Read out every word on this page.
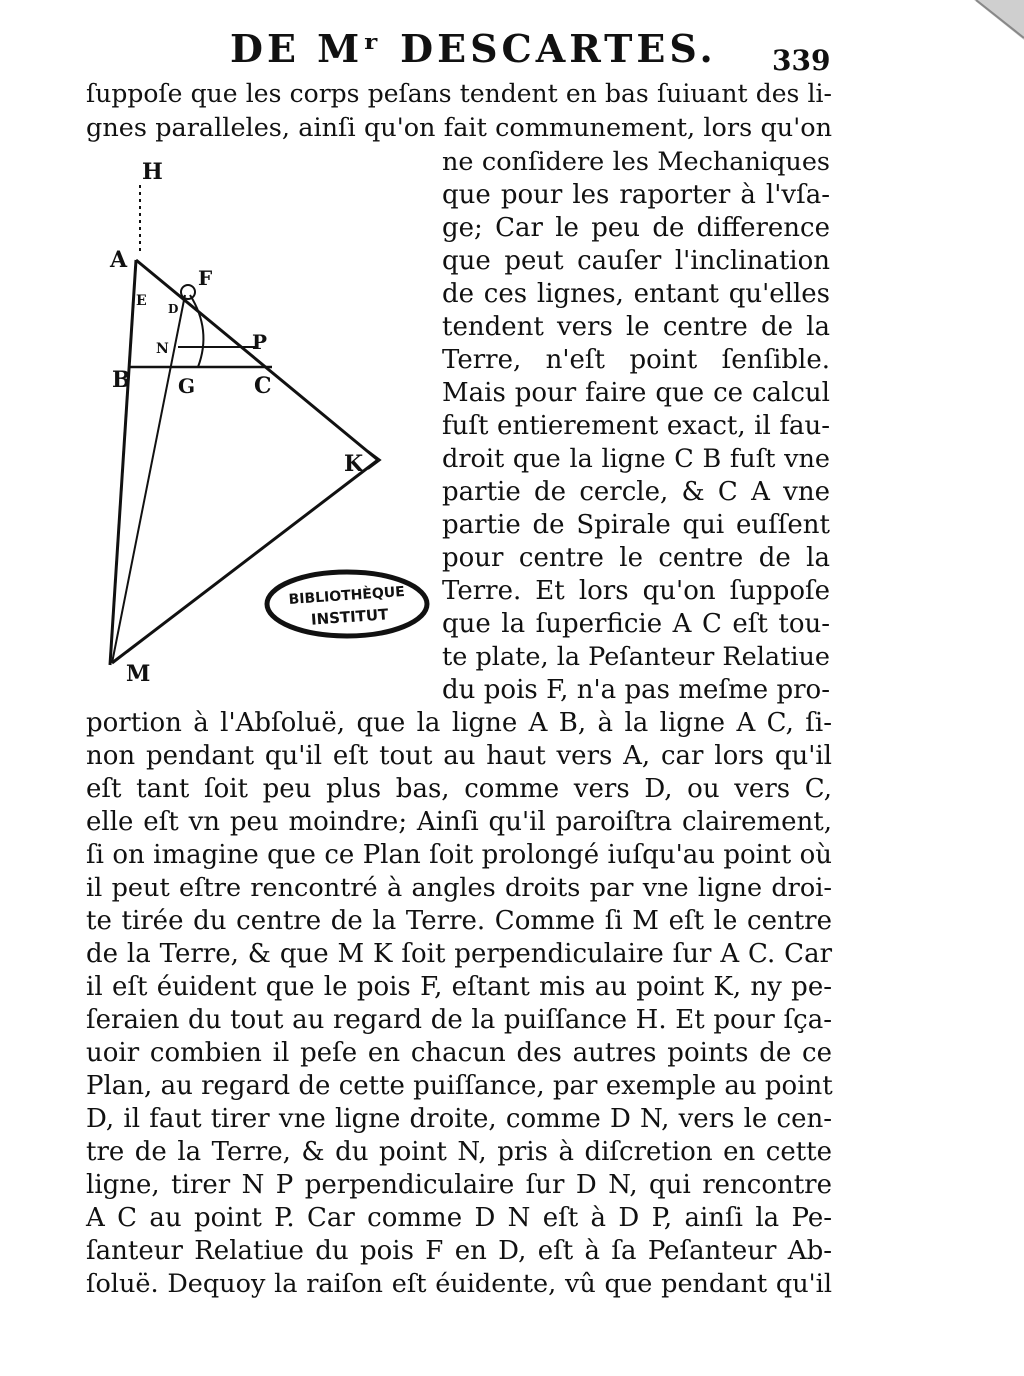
DE Mʳ DESCARTES. 339
H
A
E D
F
N	P
B G	C
K
M
BIBLIOTHÈQUE
INSTITUT
ſuppoſe que les corps peſans tendent en bas ſuiuant des li-
gnes paralleles, ainſi qu'on fait communement, lors qu'on
ne conſidere les Mechaniques
que pour les raporter à l'vſa-
ge; Car le peu de difference
que peut cauſer l'inclination
de ces lignes, entant qu'elles
tendent vers le centre de la
Terre, n'eſt point ſenſible.
Mais pour faire que ce calcul
fuſt entierement exact, il fau-
droit que la ligne C B fuſt vne
partie de cercle, & C A vne
partie de Spirale qui euſſent
pour centre le centre de la
Terre. Et lors qu'on ſuppoſe
que la ſuperficie A C eſt tou-
te plate, la Peſanteur Relatiue
du pois F, n'a pas meſme pro-
portion à l'Abſoluë, que la ligne A B, à la ligne A C, ſi-
non pendant qu'il eſt tout au haut vers A, car lors qu'il
eſt tant ſoit peu plus bas, comme vers D, ou vers C,
elle eſt vn peu moindre; Ainſi qu'il paroiſtra clairement,
ſi on imagine que ce Plan ſoit prolongé iuſqu'au point où
il peut eſtre rencontré à angles droits par vne ligne droi-
te tirée du centre de la Terre. Comme ſi M eſt le centre
de la Terre, & que M K ſoit perpendiculaire ſur A C. Car
il eſt éuident que le pois F, eſtant mis au point K, ny pe-
ſeraien du tout au regard de la puiſſance H. Et pour ſça-
uoir combien il peſe en chacun des autres points de ce
Plan, au regard de cette puiſſance, par exemple au point
D, il faut tirer vne ligne droite, comme D N, vers le cen-
tre de la Terre, & du point N, pris à diſcretion en cette
ligne, tirer N P perpendiculaire ſur D N, qui rencontre
A C au point P. Car comme D N eſt à D P, ainſi la Pe-
ſanteur Relatiue du pois F en D, eſt à ſa Peſanteur Ab-
ſoluë. Dequoy la raiſon eſt éuidente, vû que pendant qu'il
